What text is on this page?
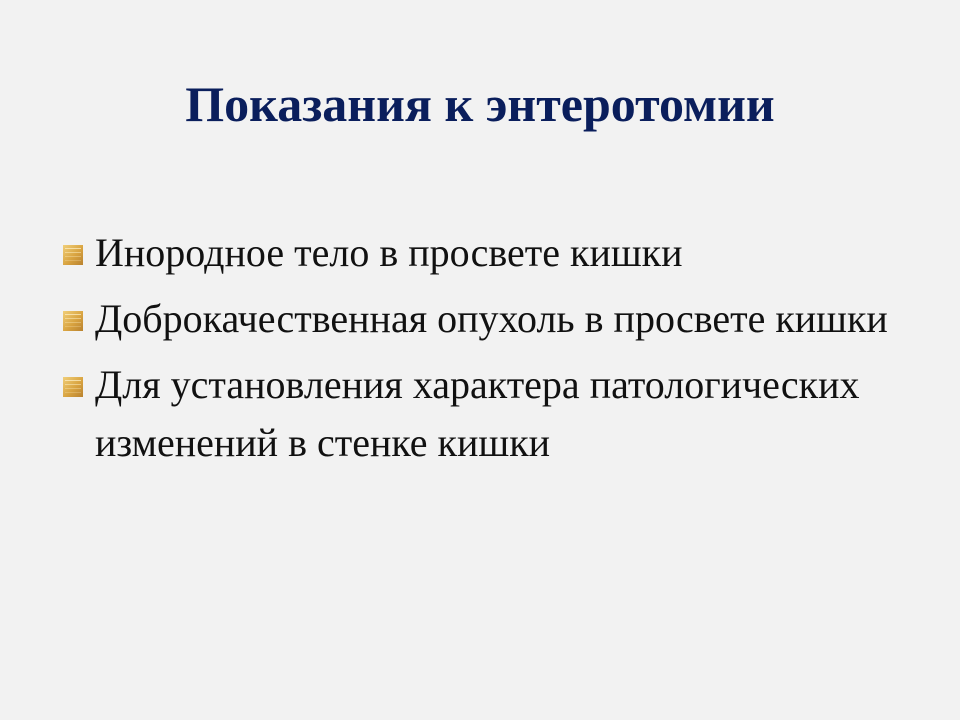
Показания к энтеротомии
Инородное тело в просвете кишки
Доброкачественная опухоль в просвете кишки
Для установления характера патологических изменений в стенке кишки
